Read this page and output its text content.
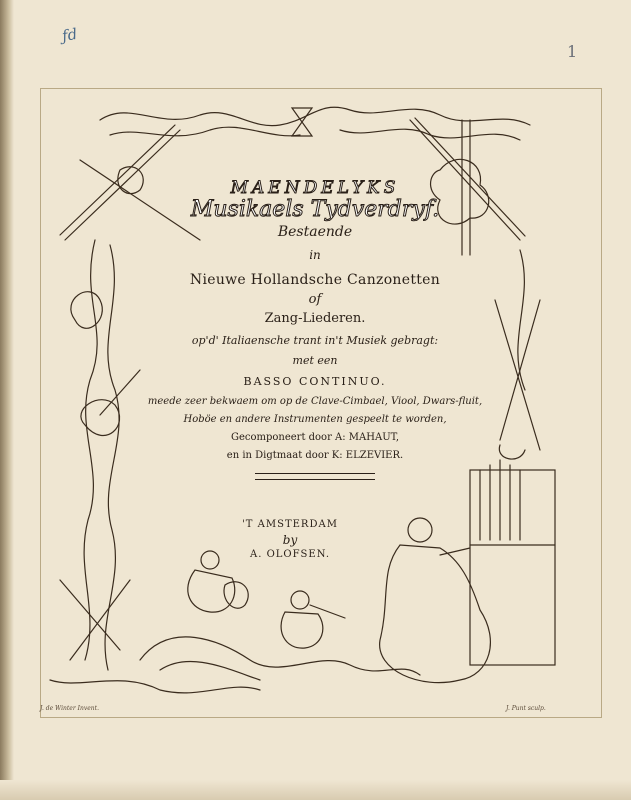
ƒd
1
MAENDELYKS
Musikaels Tydverdryf.
Bestaende
in
Nieuwe Hollandsche Canzonetten
of
Zang-Liederen.
op'd' Italiaensche trant in't Musiek gebragt:
met een
BASSO CONTINUO.
meede zeer bekwaem om op de Clave-Cimbael, Viool, Dwars-fluit,
Hoböe en andere Instrumenten gespeelt te worden,
Gecomponeert door A: MAHAUT,
en in Digtmaat door K: ELZEVIER.
'T AMSTERDAM
by
A. OLOFSEN.
J. de Winter Invent.	J. Punt sculp.
